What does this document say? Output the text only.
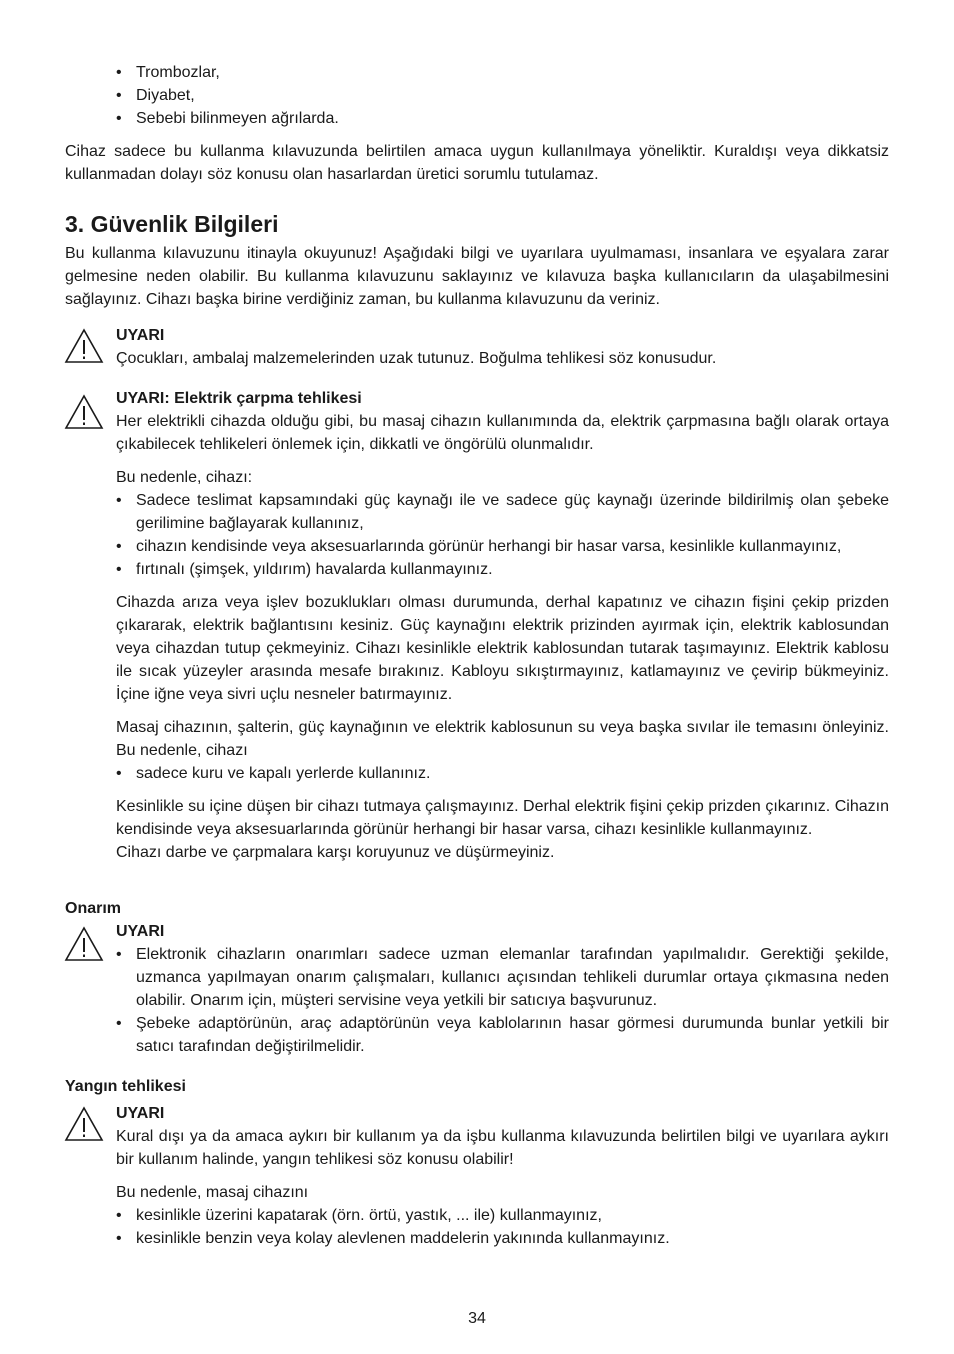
• Trombozlar,
• Diyabet,
• Sebebi bilinmeyen ağrılarda.

Cihaz sadece bu kullanma kılavuzunda belirtilen amaca uygun kullanılmaya yöneliktir. Kuraldışı veya dikkatsiz kullanmadan dolayı söz konusu olan hasarlardan üretici sorumlu tutulamaz.

3. Güvenlik Bilgileri

Bu kullanma kılavuzunu itinayla okuyunuz! Aşağıdaki bilgi ve uyarılara uyulmaması, insanlara ve eşyalara zarar gelmesine neden olabilir. Bu kullanma kılavuzunu saklayınız ve kılavuza başka kullanıcıların da ulaşabilmesini sağlayınız. Cihazı başka birine verdiğiniz zaman, bu kullanma kılavuzunu da veriniz.

UYARI

Çocukları, ambalaj malzemelerinden uzak tutunuz. Boğulma tehlikesi söz konusudur.

UYARI: Elektrik çarpma tehlikesi

Her elektrikli cihazda olduğu gibi, bu masaj cihazın kullanımında da, elektrik çarpmasına bağlı olarak ortaya çıkabilecek tehlikeleri önlemek için, dikkatli ve öngörülü olunmalıdır.

Bu nedenle, cihazı:

• Sadece teslimat kapsamındaki güç kaynağı ile ve sadece güç kaynağı üzerinde bildirilmiş olan şebeke gerilimine bağlayarak kullanınız,
• cihazın kendisinde veya aksesuarlarında görünür herhangi bir hasar varsa, kesinlikle kullanmayınız,
• fırtınalı (şimşek, yıldırım) havalarda kullanmayınız.

Cihazda arıza veya işlev bozuklukları olması durumunda, derhal kapatınız ve cihazın fişini çekip prizden çıkararak, elektrik bağlantısını kesiniz. Güç kaynağını elektrik prizinden ayırmak için, elektrik kablosundan veya cihazdan tutup çekmeyiniz. Cihazı kesinlikle elektrik kablosundan tutarak taşımayınız. Elektrik kablosu ile sıcak yüzeyler arasında mesafe bırakınız. Kabloyu sıkıştırmayınız, katlamayınız ve çevirip bükmeyiniz. İçine iğne veya sivri uçlu nesneler batırmayınız.

Masaj cihazının, şalterin, güç kaynağının ve elektrik kablosunun su veya başka sıvılar ile temasını önleyiniz. Bu nedenle, cihazı

• sadece kuru ve kapalı yerlerde kullanınız.

Kesinlikle su içine düşen bir cihazı tutmaya çalışmayınız. Derhal elektrik fişini çekip prizden çıkarınız. Cihazın kendisinde veya aksesuarlarında görünür herhangi bir hasar varsa, cihazı kesinlikle kullanmayınız.

Cihazı darbe ve çarpmalara karşı koruyunuz ve düşürmeyiniz.

Onarım
UYARI
• Elektronik cihazların onarımları sadece uzman elemanlar tarafından yapılmalıdır. Gerektiği şekilde, uzmanca yapılmayan onarım çalışmaları, kullanıcı açısından tehlikeli durumlar ortaya çıkmasına neden olabilir. Onarım için, müşteri servisine veya yetkili bir satıcıya başvurunuz.
• Şebeke adaptörünün, araç adaptörünün veya kablolarının hasar görmesi durumunda bunlar yetkili bir satıcı tarafından değiştirilmelidir.
Yangın tehlikesi
UYARI

Kural dışı ya da amaca aykırı bir kullanım ya da işbu kullanma kılavuzunda belirtilen bilgi ve uyarılara aykırı bir kullanım halinde, yangın tehlikesi söz konusu olabilir!

Bu nedenle, masaj cihazını

• kesinlikle üzerini kapatarak (örn. örtü, yastık, ... ile) kullanmayınız,
• kesinlikle benzin veya kolay alevlenen maddelerin yakınında kullanmayınız.
34
